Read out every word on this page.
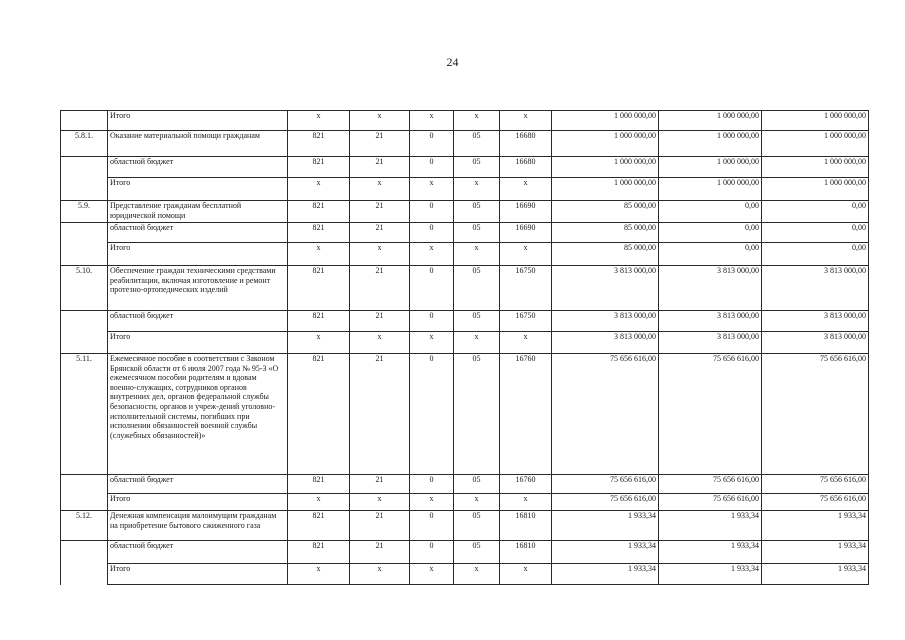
24
	Итого	х	х	х	х	х	1 000 000,00	1 000 000,00	1 000 000,00
5.8.1.	Оказание материальной помощи гражданам	821	21	0	05	16680	1 000 000,00	1 000 000,00	1 000 000,00
	областной бюджет	821	21	0	05	16680	1 000 000,00	1 000 000,00	1 000 000,00
	Итого	х	х	х	х	х	1 000 000,00	1 000 000,00	1 000 000,00
5.9.	Представление гражданам бесплатной юридической помощи	821	21	0	05	16690	85 000,00	0,00	0,00
	областной бюджет	821	21	0	05	16690	85 000,00	0,00	0,00
	Итого	х	х	х	х	х	85 000,00	0,00	0,00
5.10.	Обеспечение граждан техническими средствами реабилитации, включая изготовление и ремонт протезно-ортопедических изделий	821	21	0	05	16750	3 813 000,00	3 813 000,00	3 813 000,00
	областной бюджет	821	21	0	05	16750	3 813 000,00	3 813 000,00	3 813 000,00
	Итого	х	х	х	х	х	3 813 000,00	3 813 000,00	3 813 000,00
5.11.	Ежемесячное пособие в соответствии с Законом Брянской области от 6 июля 2007 года № 95-З «О ежемесячном пособии родителям и вдовам военно-служащих, сотрудников органов внутренних дел, органов федеральной службы безопасности, органов и учреж-дений уголовно-исполнительной системы, погибших при исполнении обязанностей военной службы (служебных обязанностей)»	821	21	0	05	16760	75 656 616,00	75 656 616,00	75 656 616,00
	областной бюджет	821	21	0	05	16760	75 656 616,00	75 656 616,00	75 656 616,00
	Итого	х	х	х	х	х	75 656 616,00	75 656 616,00	75 656 616,00
5.12.	Денежная компенсация малоимущим гражданам на приобретение бытового сжиженного газа	821	21	0	05	16810	1 933,34	1 933,34	1 933,34
	областной бюджет	821	21	0	05	16810	1 933,34	1 933,34	1 933,34
	Итого	х	х	х	х	х	1 933,34	1 933,34	1 933,34
